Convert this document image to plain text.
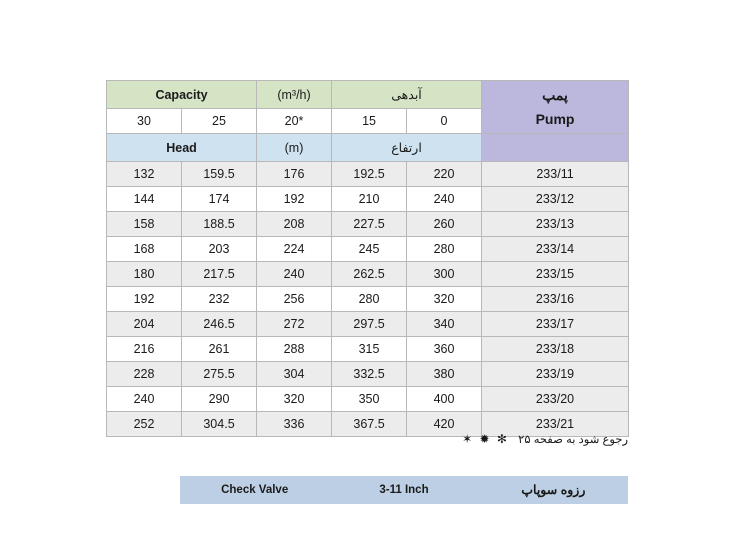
Capacity		(m³/h)	آبدهی		پمپ
Pump

30	25	20*	15	0	
Head		(m)	ارتفاع		
132	159.5	176	192.5	220	233/11
144	174	192	210	240	233/12
158	188.5	208	227.5	260	233/13
168	203	224	245	280	233/14
180	217.5	240	262.5	300	233/15
192	232	256	280	320	233/16
204	246.5	272	297.5	340	233/17
216	261	288	315	360	233/18
228	275.5	304	332.5	380	233/19
240	290	320	350	400	233/20
252	304.5	336	367.5	420	233/21
رجوع شود به صفحه ۲۵ ✻ ✹ ✶
Check Valve	3-11 Inch	رزوه سوپاپ
